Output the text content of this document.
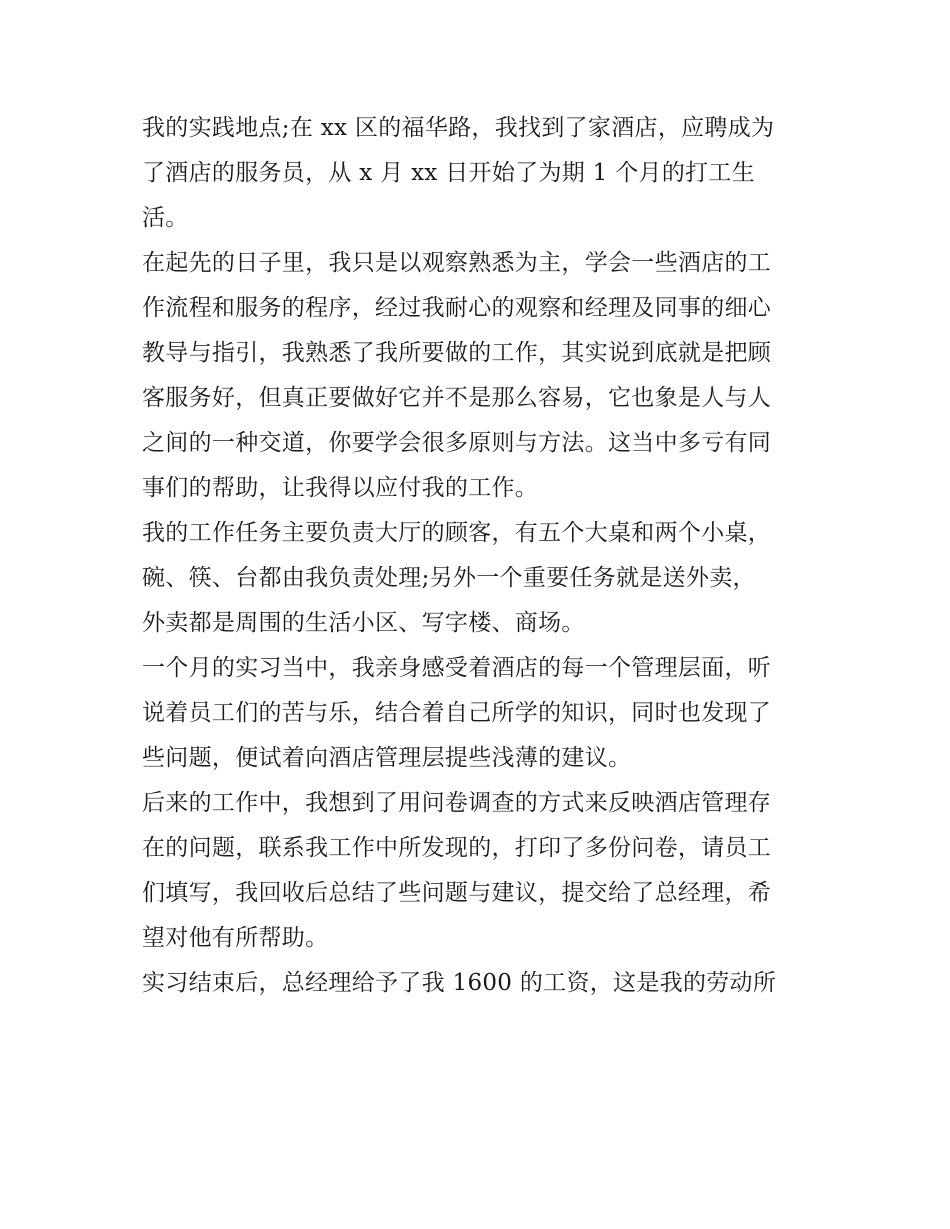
我的实践地点;在 xx 区的福华路，我找到了家酒店，应聘成为
了酒店的服务员，从 x 月 xx 日开始了为期 1 个月的打工生
活。
在起先的日子里，我只是以观察熟悉为主，学会一些酒店的工
作流程和服务的程序，经过我耐心的观察和经理及同事的细心
教导与指引，我熟悉了我所要做的工作，其实说到底就是把顾
客服务好，但真正要做好它并不是那么容易，它也象是人与人
之间的一种交道，你要学会很多原则与方法。这当中多亏有同
事们的帮助，让我得以应付我的工作。
我的工作任务主要负责大厅的顾客，有五个大桌和两个小桌，
碗、筷、台都由我负责处理;另外一个重要任务就是送外卖，
外卖都是周围的生活小区、写字楼、商场。
一个月的实习当中，我亲身感受着酒店的每一个管理层面，听
说着员工们的苦与乐，结合着自己所学的知识，同时也发现了
些问题，便试着向酒店管理层提些浅薄的建议。
后来的工作中，我想到了用问卷调查的方式来反映酒店管理存
在的问题，联系我工作中所发现的，打印了多份问卷，请员工
们填写，我回收后总结了些问题与建议，提交给了总经理，希
望对他有所帮助。
实习结束后，总经理给予了我 1600 的工资，这是我的劳动所
